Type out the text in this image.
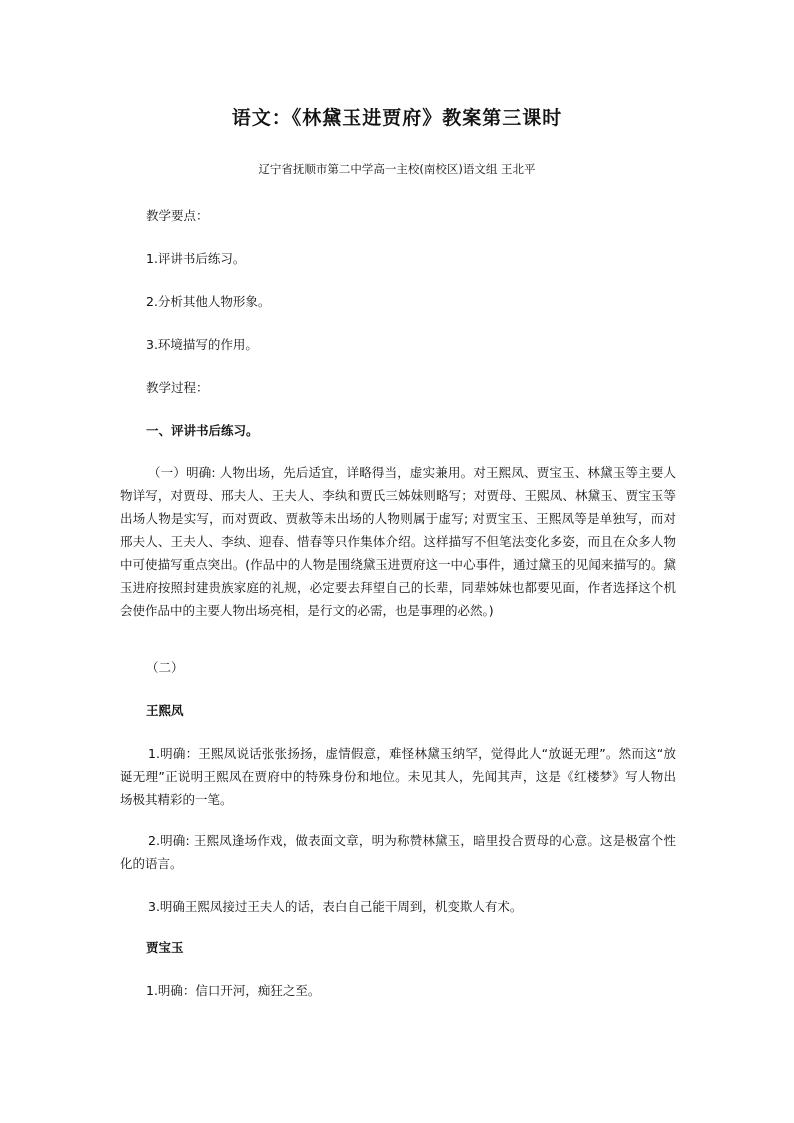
语文：《林黛玉进贾府》教案第三课时
辽宁省抚顺市第二中学高一主校(南校区)语文组 王北平
教学要点：
1.评讲书后练习。
2.分析其他人物形象。
3.环境描写的作用。
教学过程：
一、评讲书后练习。
（一）明确: 人物出场，先后适宜，详略得当，虚实兼用。对王熙凤、贾宝玉、林黛玉等主要人物详写，对贾母、邢夫人、王夫人、李纨和贾氏三姊妹则略写；对贾母、王熙凤、林黛玉、贾宝玉等出场人物是实写，而对贾政、贾赦等未出场的人物则属于虚写; 对贾宝玉、王熙凤等是单独写，而对邢夫人、王夫人、李纨、迎春、惜春等只作集体介绍。这样描写不但笔法变化多姿，而且在众多人物中可使描写重点突出。(作品中的人物是围绕黛玉进贾府这一中心事件，通过黛玉的见闻来描写的。黛玉进府按照封建贵族家庭的礼规，必定要去拜望自己的长辈，同辈姊妹也都要见面，作者选择这个机会使作品中的主要人物出场亮相，是行文的必需，也是事理的必然。)
（二）
王熙凤
1.明确：王熙凤说话张张扬扬，虚情假意，难怪林黛玉纳罕，觉得此人“放诞无理”。然而这“放诞无理”正说明王熙凤在贾府中的特殊身份和地位。未见其人，先闻其声，这是《红楼梦》写人物出场极其精彩的一笔。
2.明确: 王熙凤逢场作戏，做表面文章，明为称赞林黛玉，暗里投合贾母的心意。这是极富个性化的语言。
3.明确王熙凤接过王夫人的话，表白自己能干周到，机变欺人有术。
贾宝玉
1.明确：信口开河，痴狂之至。
